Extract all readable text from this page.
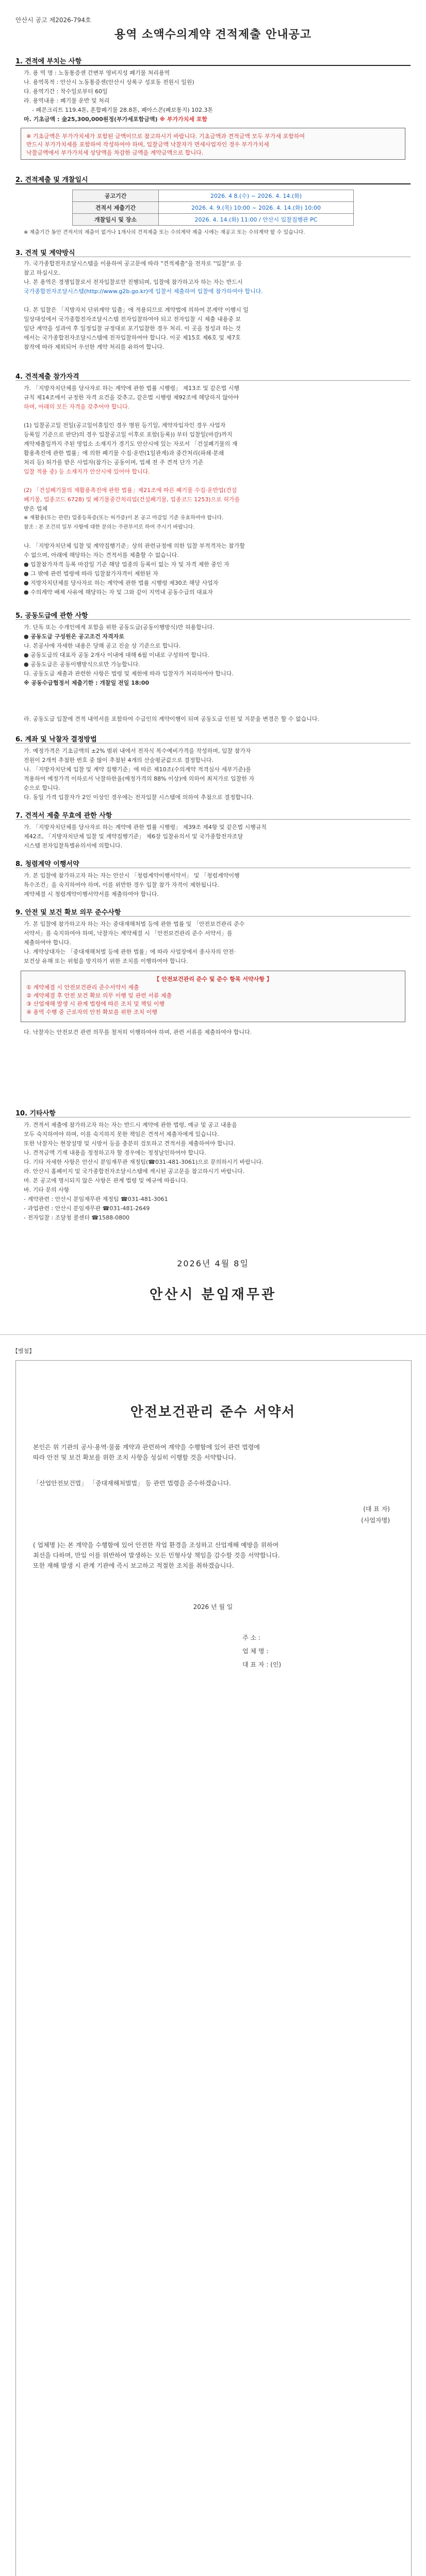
안산시 공고 제2026-794호
용역 소액수의계약 견적제출 안내공고
1. 견적에 부치는 사항
가. 용 역 명 : 노동통증센 간변부 영비지성 폐기물 처리용역
나. 용역목적 : 안산시 노동통증센(안산시 상록구 성포동 전원시 일원)
다. 용역기간 : 착수일로부터 60일
라. 용역내용 : 폐기물 운반 및 처리
- 폐콘크리트 119.4톤, 혼합폐기물 28.8톤, 폐아스콘(폐보통지) 102.3톤
마. 기초금액 : 金25,300,000원정(부가세포함금액) ※ 부가가치세 포함
※ 기초금액은 부가가치세가 포함된 금액이므로 참고하시기 바랍니다. 기초금액과 견적금액 모두 부가세 포함하여
반드시 부가가치세를 포함하여 작성하여야 하며, 입찰금액 낙찰자가 면세사업자인 경우 부가가치세
낙찰금액에서 부가가치세 상당액을 차감한 금액을 계약금액으로 합니다.
2. 견적제출 및 개찰일시
공고기간	2026. 4 8.(수) ~ 2026. 4. 14.(화)
견적서 제출기간	2026. 4. 9.(목) 10:00 ~ 2026. 4. 14.(화) 10:00
개찰일시 및 장소	2026. 4. 14.(화) 11:00 / 안산시 입찰집행관 PC
※ 제출기간 동안 견적서의 제출이 없거나 1개사의 견적제출 또는 수의계약 제출 시에는 재공고 또는 수의계약 할 수 있습니다.
3. 견적 및 계약방식
가. 국가종합전자조달시스템을 이용하여 공고문에 따라 "견적제출"을 전자로 "입찰"로 응
참고 하십시오.
나. 본 용역은 경쟁입찰로서 전자입찰로만 진행되며, 입찰에 참가하고자 하는 자는 반드시
국가종합전자조달시스템(http://www.g2b.go.kr)에 입찰서 제출하여 입찰에 참가하여야 합니다.
다. 본 입찰은 「지방자치 단위계약 입출」에 적용되므로 계약법에 의하여 본계약 이행시 일
일상대성에서 국가종합전자조달시스템 전자입찰하여야 되고 전자입찰 시 제출 내용중 보
일단 계약을 성과여 후 일정입찰 규정대로 포기입찰한 경우 처리. 이 곳을 정성과 하는 것
에서는 국가종합전자조달시스템에 전자입찰하여야 합니다. 이곳 제15호 제6호 및 제7호
참작에 따라 제외되어 우선한 계약 처리를 유하여 합니다.
4. 견적제출 참가자격
가. 「지방자치단체를 당사자로 하는 계약에 관한 법률 시행령」 제13조 및 같은법 시행
규칙 제14조에서 규정한 자격 요건을 갖추고, 같은법 시행령 제92조에 해당하지 않아야
하며, 아래의 모든 자격을 갖추어야 합니다.
(1) 입찰공고일 전일(공고일이휴일인 경우 병원 등기일, 계약자입자인 경우 사업자
등록일 기준으로 판단)의 경우 입찰공고일 이후로 포함(등록)) 부터 입찰일(마감)까지
계약제출일까지 주된 영업소 소재지가 경기도 안산시에 있는 자로서 「건설폐기물의 재
활용촉진에 관한 법률」에 의한 폐기물 수집·운반(1일관계)과 중간처리(파쇄·분쇄
처리 등) 허가를 받은 사업자(참가는 공동이며, 업체 전 주 견적 단가 기준
입찰 적용 중) 등 소재지가 안산시에 있어야 합니다.
(2) 「건설폐기물의 재활용촉진에 관한 법률」제21조에 따른 폐기물 수집·운반업(건설
폐기물, 업종코드 6728) 및 폐기물중간처리업(건설폐기물, 업종코드 1253)으로 허가를
받은 업체
※ 재활용(또는 관련) 업종등록증(또는 허가증)이 본 공고 마감일 기준 유효하여야 합니다.
참조 : 본 조건의 일부 사항에 대한 문의는 주관부서로 하여 주시기 바랍니다.
나. 「지방자치단체 입찰 및 계약집행기준」상의 관련규정에 의한 입찰 부적격자는 참가할
수 없으며, 아래에 해당하는 자는 견적서를 제출할 수 없습니다.
● 입찰참가자격 등록 마감일 기준 해당 업종의 등록이 없는 자 및 자격 제한 중인 자
● 그 밖에 관련 법령에 따라 입찰참가자격이 제한된 자
● 지방자치단체를 당사자로 하는 계약에 관한 법률 시행령 제30조 해당 사업자
● 수의계약 배제 사유에 해당하는 자 및 그와 같이 지역내 공동수급의 대표자
5. 공동도급에 관한 사항
가. 단독 또는 수개인에게 포함을 위한 공동도급(공동이행방식)만 허용합니다.
● 공동도급 구성원은 공고조건 자격자로
나. 본공사에 자세한 내용은 당해 공고 진술 상 기준으로 합니다.
● 공동도급의 대표자 공동 2개사 이내에 대해 6월 이내로 구성하여 합니다.
● 공동도급은 공동이행방식으로만 가능합니다.
다. 공동도급 제출과 관련한 사항은 법령 및 제한에 따라 입찰자가 처리하여야 합니다.
※ 공동수급협정서 제출기한 : 개찰일 전일 18:00
라. 공동도급 입찰에 견적 내역서를 포함하여 수급인의 계약이행이 되며 공동도급 인원 및 지분율 변경은 할 수 없습니다.
6. 계좌 및 낙찰자 결정방법
가. 예정가격은 기초금액의 ±2% 범위 내에서 전자식 복수예비가격을 작성하며, 입찰 참가자
전원이 2개씩 추첨한 번호 중 많이 추첨된 4개의 산술평균값으로 결정합니다.
나. 「지방자치단체 입찰 및 계약 집행기준」에 따른 제10조(수의계약 적격심사 세부기준)를
적용하여 예정가격 이하로서 낙찰하한율(예정가격의 88% 이상)에 의하여 최저가로 입찰한 자
순으로 합니다.
다. 동일 가격 입찰자가 2인 이상인 경우에는 전자입찰 시스템에 의하여 추첨으로 결정합니다.
7. 견적서 제출 무효에 관한 사항
가. 「지방자치단체를 당사자로 하는 계약에 관한 법률 시행령」 제39조 제4항 및 같은법 시행규칙
제42조, 「지방자치단체 입찰 및 계약집행기준」 제6장 입찰유의서 및 국가종합전자조달
시스템 전자입찰특별유의서에 의합니다.
8. 청렴계약 이행서약
가. 본 입찰에 참가하고자 하는 자는 안산시 「청렴계약이행서약서」 및 「청렴계약이행
특수조건」을 숙지하여야 하며, 이를 위반한 경우 입찰 참가 자격이 제한됩니다.
계약체결 시 청렴계약이행서약서를 제출하여야 합니다.
9. 안전 및 보건 확보 의무 준수사항
가. 본 입찰에 참가하고자 하는 자는 중대재해처벌 등에 관한 법률 및 「안전보건관리 준수
서약서」를 숙지하여야 하며, 낙찰자는 계약체결 시 「안전보건관리 준수 서약서」를
제출하여야 합니다.
나. 계약상대자는 「중대재해처벌 등에 관한 법률」에 따라 사업장에서 종사자의 안전·
보건상 유해 또는 위험을 방지하기 위한 조치를 이행하여야 합니다.
【 안전보건관리 준수 및 준수 항목 서약사항 】
① 계약체결 시 안전보건관리 준수서약서 제출
② 계약체결 후 안전 보건 확보 의무 이행 및 관련 서류 제출
③ 산업재해 발생 시 관계 법령에 따른 조치 및 책임 이행
④ 용역 수행 중 근로자의 안전 확보를 위한 조치 이행
다. 낙찰자는 안전보건 관련 의무를 철저히 이행하여야 하며, 관련 서류를 제출하여야 합니다.
10. 기타사항
가. 견적서 제출에 참가하고자 하는 자는 반드시 계약에 관한 법령, 예규 및 공고 내용을
모두 숙지하여야 하며, 이를 숙지하지 못한 책임은 견적서 제출자에게 있습니다.
또한 낙찰자는 현장설명 및 시방서 등을 충분히 검토하고 견적서를 제출하여야 합니다.
나. 견적금액 기재 내용을 정정하고자 할 경우에는 정정날인하여야 합니다.
다. 기타 자세한 사항은 안산시 분임재무관 재정팀(☎031-481-3061)으로 문의하시기 바랍니다.
라. 안산시 홈페이지 및 국가종합전자조달시스템에 게시된 공고문을 참고하시기 바랍니다.
마. 본 공고에 명시되지 않은 사항은 관계 법령 및 예규에 따릅니다.
바. 기타 문의 사항
- 계약관련 : 안산시 분임재무관 재정팀 ☎031-481-3061
- 과업관련 : 안산시 분임재무관 ☎031-481-2649
- 전자입찰 : 조달청 콜센터 ☎1588-0800
2026년 4월 8일
안산시 분임재무관
【별첨】
안전보건관리 준수 서약서
본인은 위 기관의 공사·용역·물품 계약과 관련하여 계약을 수행함에 있어 관련 법령에
따라 안전 및 보건 확보를 위한 조치 사항을 성실히 이행할 것을 서약합니다.
「산업안전보건법」 「중대재해처벌법」 등 관련 법령을 준수하겠습니다.
(대 표 자)
(사업자명)
( 업체명 )는 본 계약을 수행함에 있어 안전한 작업 환경을 조성하고 산업재해 예방을 위하여
최선을 다하며, 만일 이를 위반하여 발생하는 모든 민형사상 책임을 감수할 것을 서약합니다.
또한 재해 발생 시 관계 기관에 즉시 보고하고 적절한 조치를 취하겠습니다.
2026 년 월 일
주 소 :
업 체 명 :
대 표 자 : (인)
